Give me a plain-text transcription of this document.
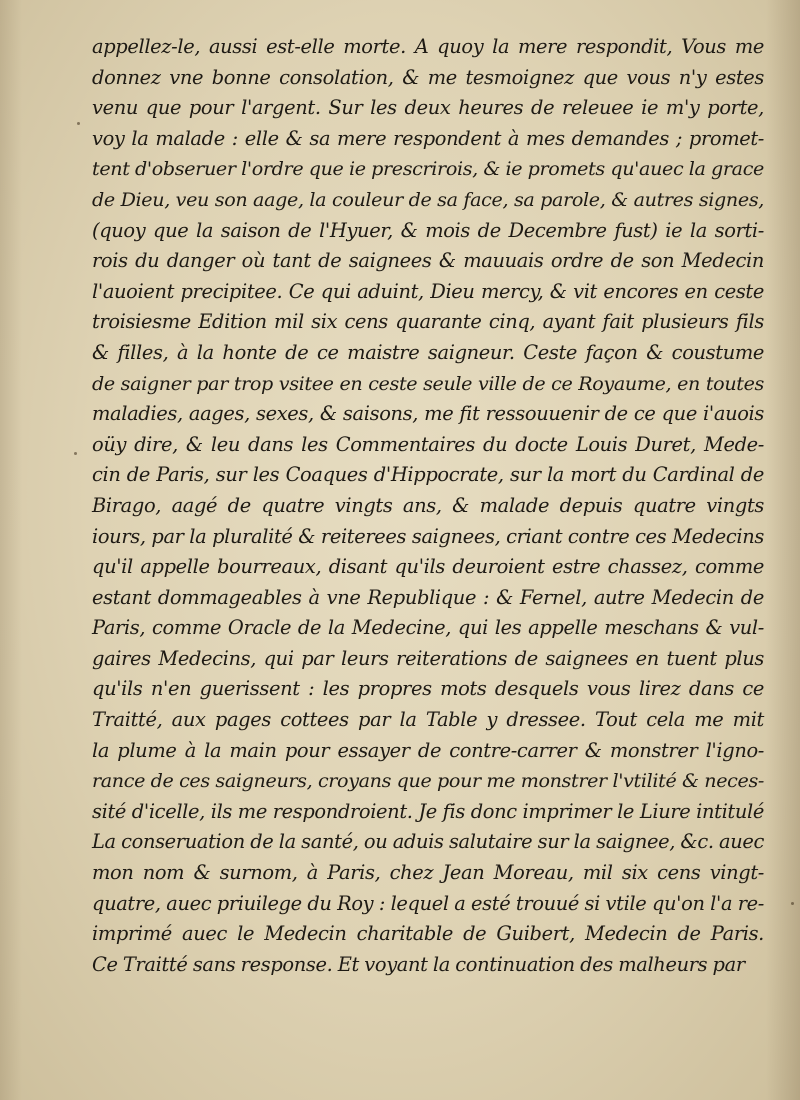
appellez-le, aussi est-elle morte. A quoy la mere respondit, Vous me
donnez vne bonne consolation, & me tesmoignez que vous n'y estes
venu que pour l'argent. Sur les deux heures de releuee ie m'y porte,
voy la malade : elle & sa mere respondent à mes demandes ; promet-
tent d'obseruer l'ordre que ie prescrirois, & ie promets qu'auec la grace
de Dieu, veu son aage, la couleur de sa face, sa parole, & autres signes,
(quoy que la saison de l'Hyuer, & mois de Decembre fust) ie la sorti-
rois du danger où tant de saignees & mauuais ordre de son Medecin
l'auoient precipitee. Ce qui aduint, Dieu mercy, & vit encores en ceste
troisiesme Edition mil six cens quarante cinq, ayant fait plusieurs fils
& filles, à la honte de ce maistre saigneur. Ceste façon & coustume
de saigner par trop vsitee en ceste seule ville de ce Royaume, en toutes
maladies, aages, sexes, & saisons, me fit ressouuenir de ce que i'auois
oüy dire, & leu dans les Commentaires du docte Louis Duret, Mede-
cin de Paris, sur les Coaques d'Hippocrate, sur la mort du Cardinal de
Birago, aagé de quatre vingts ans, & malade depuis quatre vingts
iours, par la pluralité & reiterees saignees, criant contre ces Medecins
qu'il appelle bourreaux, disant qu'ils deuroient estre chassez, comme
estant dommageables à vne Republique : & Fernel, autre Medecin de
Paris, comme Oracle de la Medecine, qui les appelle meschans & vul-
gaires Medecins, qui par leurs reiterations de saignees en tuent plus
qu'ils n'en guerissent : les propres mots desquels vous lirez dans ce
Traitté, aux pages cottees par la Table y dressee. Tout cela me mit
la plume à la main pour essayer de contre-carrer & monstrer l'igno-
rance de ces saigneurs, croyans que pour me monstrer l'vtilité & neces-
sité d'icelle, ils me respondroient. Je fis donc imprimer le Liure intitulé
La conseruation de la santé, ou aduis salutaire sur la saignee, &c. auec
mon nom & surnom, à Paris, chez Jean Moreau, mil six cens vingt-
quatre, auec priuilege du Roy : lequel a esté trouué si vtile qu'on l'a re-
imprimé auec le Medecin charitable de Guibert, Medecin de Paris.
Ce Traitté sans response. Et voyant la continuation des malheurs par
